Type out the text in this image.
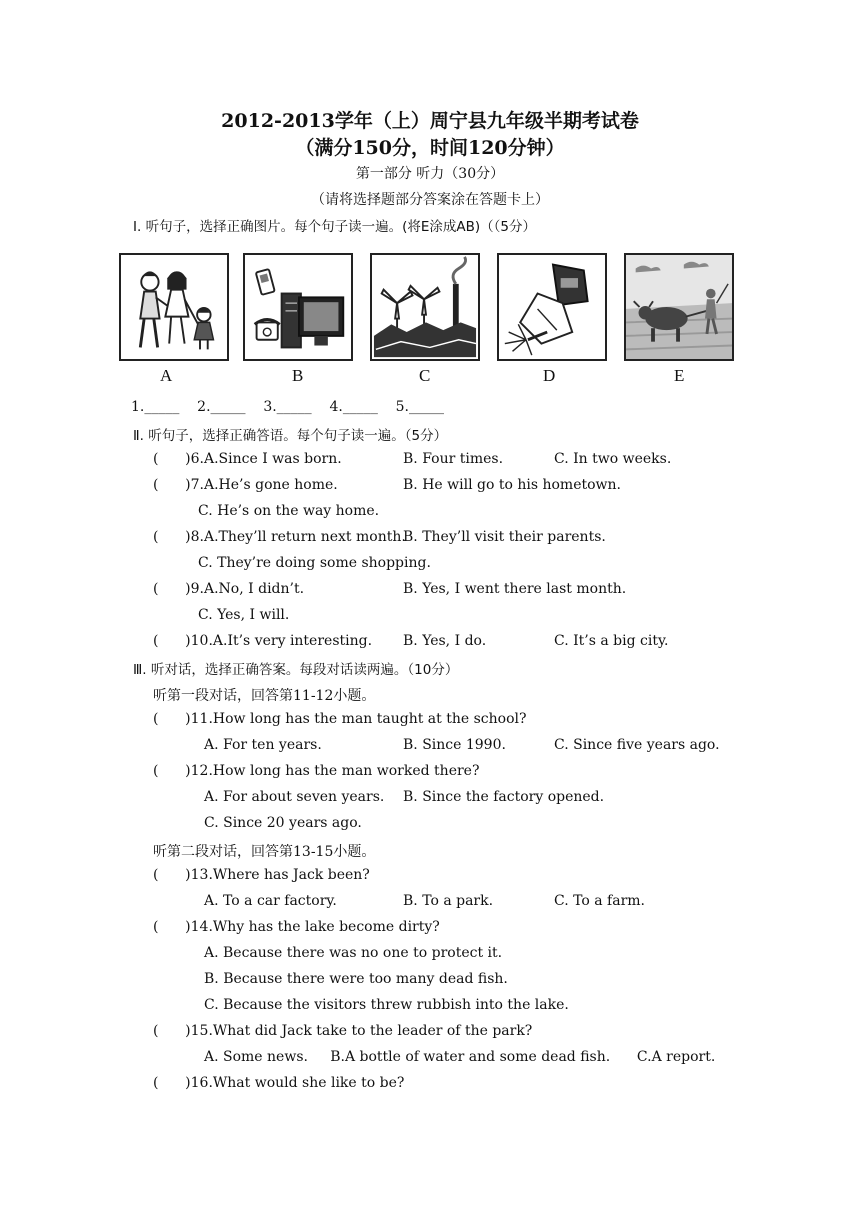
2012-2013学年（上）周宁县九年级半期考试卷
（满分150分，时间120分钟）
第一部分 听力（30分）
（请将选择题部分答案涂在答题卡上）
Ⅰ. 听句子，选择正确图片。每个句子读一遍。(将E涂成AB)（（5分）
A	B	C	D	E
1._____    2._____    3._____    4._____    5._____
Ⅱ. 听句子，选择正确答语。每个句子读一遍。（5分）
(      )6.A.Since I was born.	B. Four times.	C. In two weeks.
(      )7.A.He’s gone home.	B. He will go to his hometown.
C. He’s on the way home.
(      )8.A.They’ll return next month.
B. They’ll visit their parents.
C. They’re doing some shopping.
(      )9.A.No, I didn’t.	B. Yes, I went there last month.
C. Yes, I will.
(      )10.A.It’s very interesting. B. Yes, I do.	C. It’s a big city.
Ⅲ. 听对话，选择正确答案。每段对话读两遍。（10分）
听第一段对话，回答第11-12小题。
(      )11.How long has the man taught at the school?
A. For ten years.	B. Since 1990.	C. Since five years ago.
(      )12.How long has the man worked there?
A. For about seven years. B. Since the factory opened.
C. Since 20 years ago.
听第二段对话，回答第13-15小题。
(      )13.Where has Jack been?
A. To a car factory.	B. To a park.	C. To a farm.
(      )14.Why has the lake become dirty?
A. Because there was no one to protect it.
B. Because there were too many dead fish.
C. Because the visitors threw rubbish into the lake.
(      )15.What did Jack take to the leader of the park?
A. Some news.     B.A bottle of water and some dead fish.      C.A report.
(      )16.What would she like to be?
